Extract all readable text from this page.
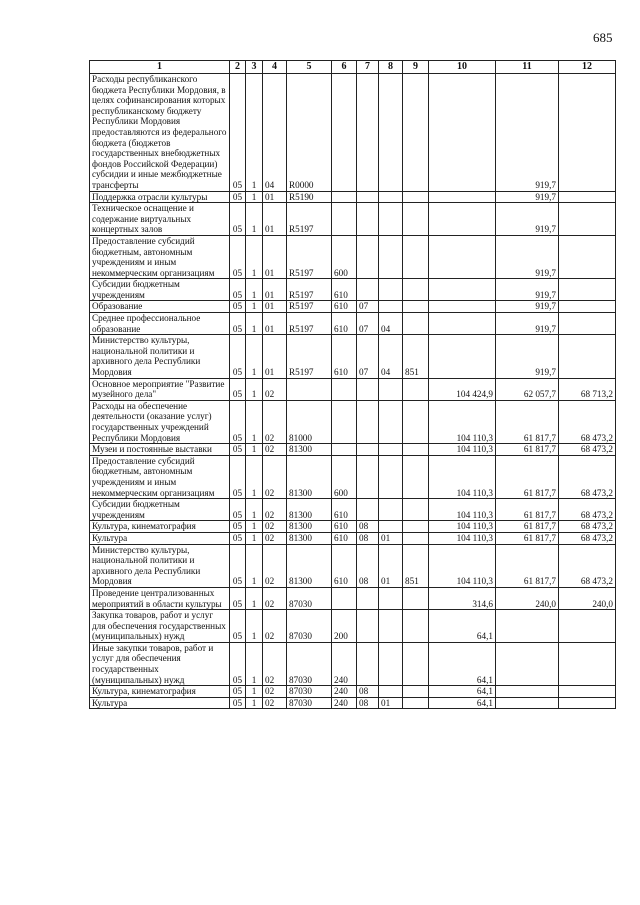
685
1	2	3	4	5	6	7	8	9	10	11	12
Расходы республиканского бюджета Республики Мордовия, в целях софинансирования которых республиканскому бюджету Республики Мордовия предоставляются из федерального бюджета (бюджетов государственных внебюджетных фондов Российской Федерации) субсидии и иные межбюджетные трансферты	05	1	04	R0000						919,7	
Поддержка отрасли культуры	05	1	01	R5190						919,7	
Техническое оснащение и содержание виртуальных концертных залов	05	1	01	R5197						919,7	
Предоставление субсидий бюджетным, автономным учреждениям и иным некоммерческим организациям	05	1	01	R5197	600					919,7	
Субсидии бюджетным учреждениям	05	1	01	R5197	610					919,7	
Образование	05	1	01	R5197	610	07				919,7	
Среднее профессиональное образование	05	1	01	R5197	610	07	04			919,7	
Министерство культуры, национальной политики и архивного дела Республики Мордовия	05	1	01	R5197	610	07	04	851		919,7	
Основное мероприятие "Развитие музейного дела"	05	1	02						104 424,9	62 057,7	68 713,2
Расходы на обеспечение деятельности (оказание услуг) государственных учреждений Республики Мордовия	05	1	02	81000					104 110,3	61 817,7	68 473,2
Музеи и постоянные выставки	05	1	02	81300					104 110,3	61 817,7	68 473,2
Предоставление субсидий бюджетным, автономным учреждениям и иным некоммерческим организациям	05	1	02	81300	600				104 110,3	61 817,7	68 473,2
Субсидии бюджетным учреждениям	05	1	02	81300	610				104 110,3	61 817,7	68 473,2
Культура, кинематография	05	1	02	81300	610	08			104 110,3	61 817,7	68 473,2
Культура	05	1	02	81300	610	08	01		104 110,3	61 817,7	68 473,2
Министерство культуры, национальной политики и архивного дела Республики Мордовия	05	1	02	81300	610	08	01	851	104 110,3	61 817,7	68 473,2
Проведение централизованных мероприятий в области культуры	05	1	02	87030					314,6	240,0	240,0
Закупка товаров, работ и услуг для обеспечения государственных (муниципальных) нужд	05	1	02	87030	200				64,1		
Иные закупки товаров, работ и услуг для обеспечения государственных (муниципальных) нужд	05	1	02	87030	240				64,1		
Культура, кинематография	05	1	02	87030	240	08			64,1		
Культура	05	1	02	87030	240	08	01		64,1		
